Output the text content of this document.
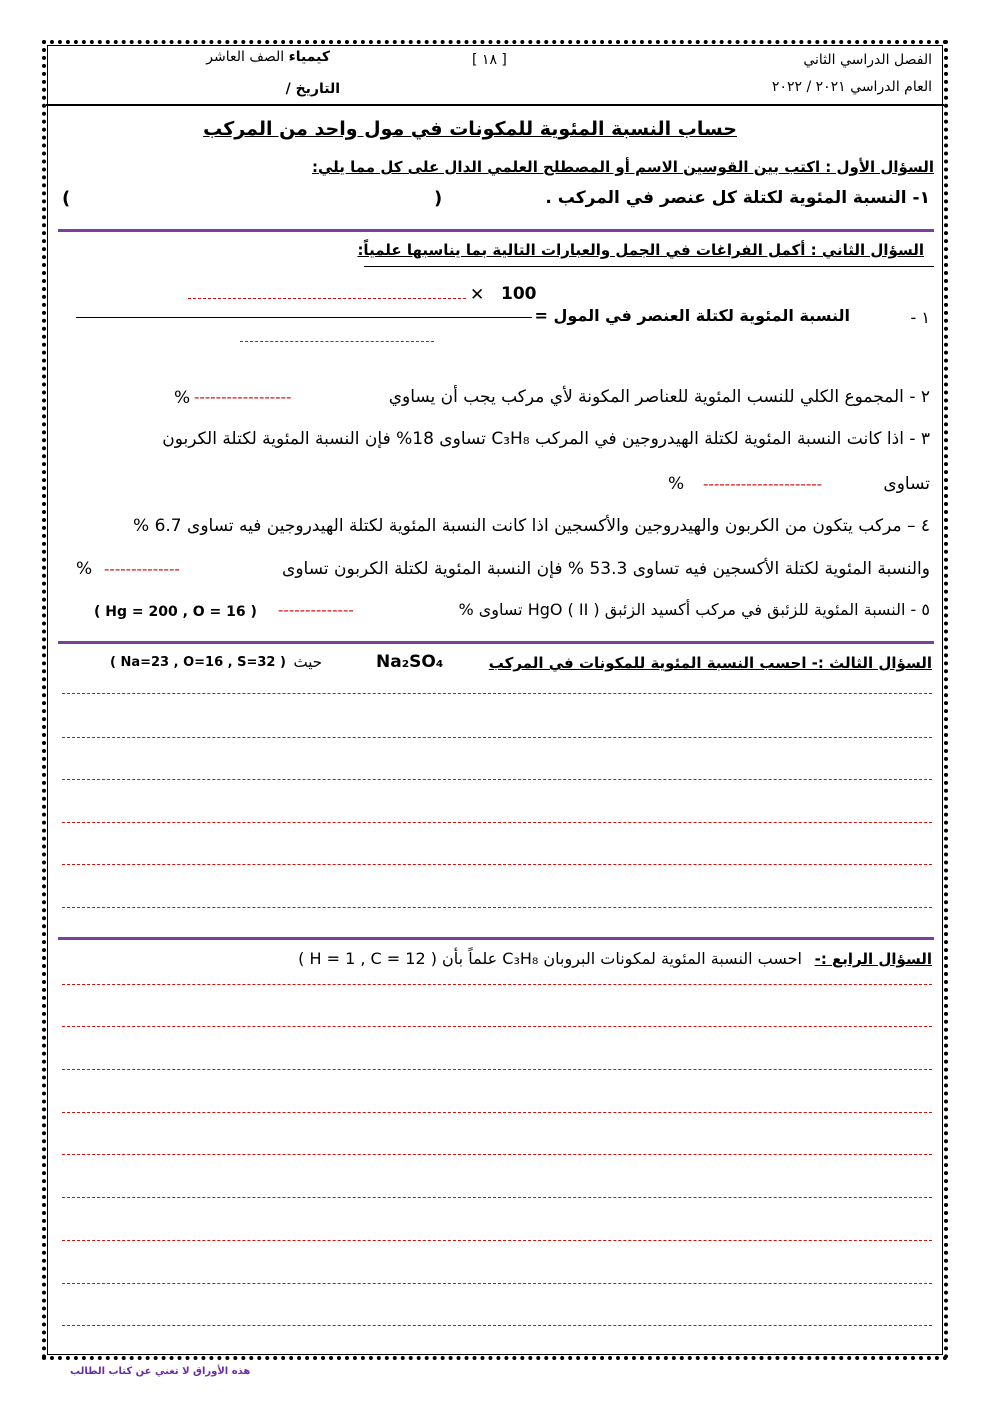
الفصل الدراسي الثاني
العام الدراسي ٢٠٢١ / ٢٠٢٢
[ ١٨ ]
كيمياء الصف العاشر
التاريخ /
حساب النسبة المئوية للمكونات في مول واحد من المركب
السؤال الأول : اكتب بين القوسين الاسم أو المصطلح العلمي الدال على كل مما يلي:
١- النسبة المئوية لكتلة كل عنصر في المركب .
(
)
السؤال الثاني : أكمل الفراغات في الجمل والعبارات التالية بما يناسبها علمياً:
١ -
النسبة المئوية لكتلة العنصر في المول =
✕ 100
٢ - المجموع الكلي للنسب المئوية للعناصر المكونة لأي مركب يجب أن يساوي
------------------
%
٣ - اذا كانت النسبة المئوية لكتلة الهيدروجين في المركب C₃H₈ تساوى 18% فإن النسبة المئوية لكتلة الكربون
تساوى
----------------------
%
٤ – مركب يتكون من الكربون والهيدروجين والأكسجين اذا كانت النسبة المئوية لكتلة الهيدروجين فيه تساوى 6.7 %
والنسبة المئوية لكتلة الأكسجين فيه تساوى 53.3 % فإن النسبة المئوية لكتلة الكربون تساوى
--------------
%
٥ - النسبة المئوية للزئبق في مركب أكسيد الزئبق ( II ) HgO تساوى %
--------------
( Hg = 200 , O = 16 )
السؤال الثالث :- احسب النسبة المئوية للمكونات في المركب
Na₂SO₄
حيث
( Na=23 , O=16 , S=32 )
السؤال الرابع :-
احسب النسبة المئوية لمكونات البروبان C₃H₈ علماً بأن ( H = 1 , C = 12 )
هذه الأوراق لا تغني عن كتاب الطالب
